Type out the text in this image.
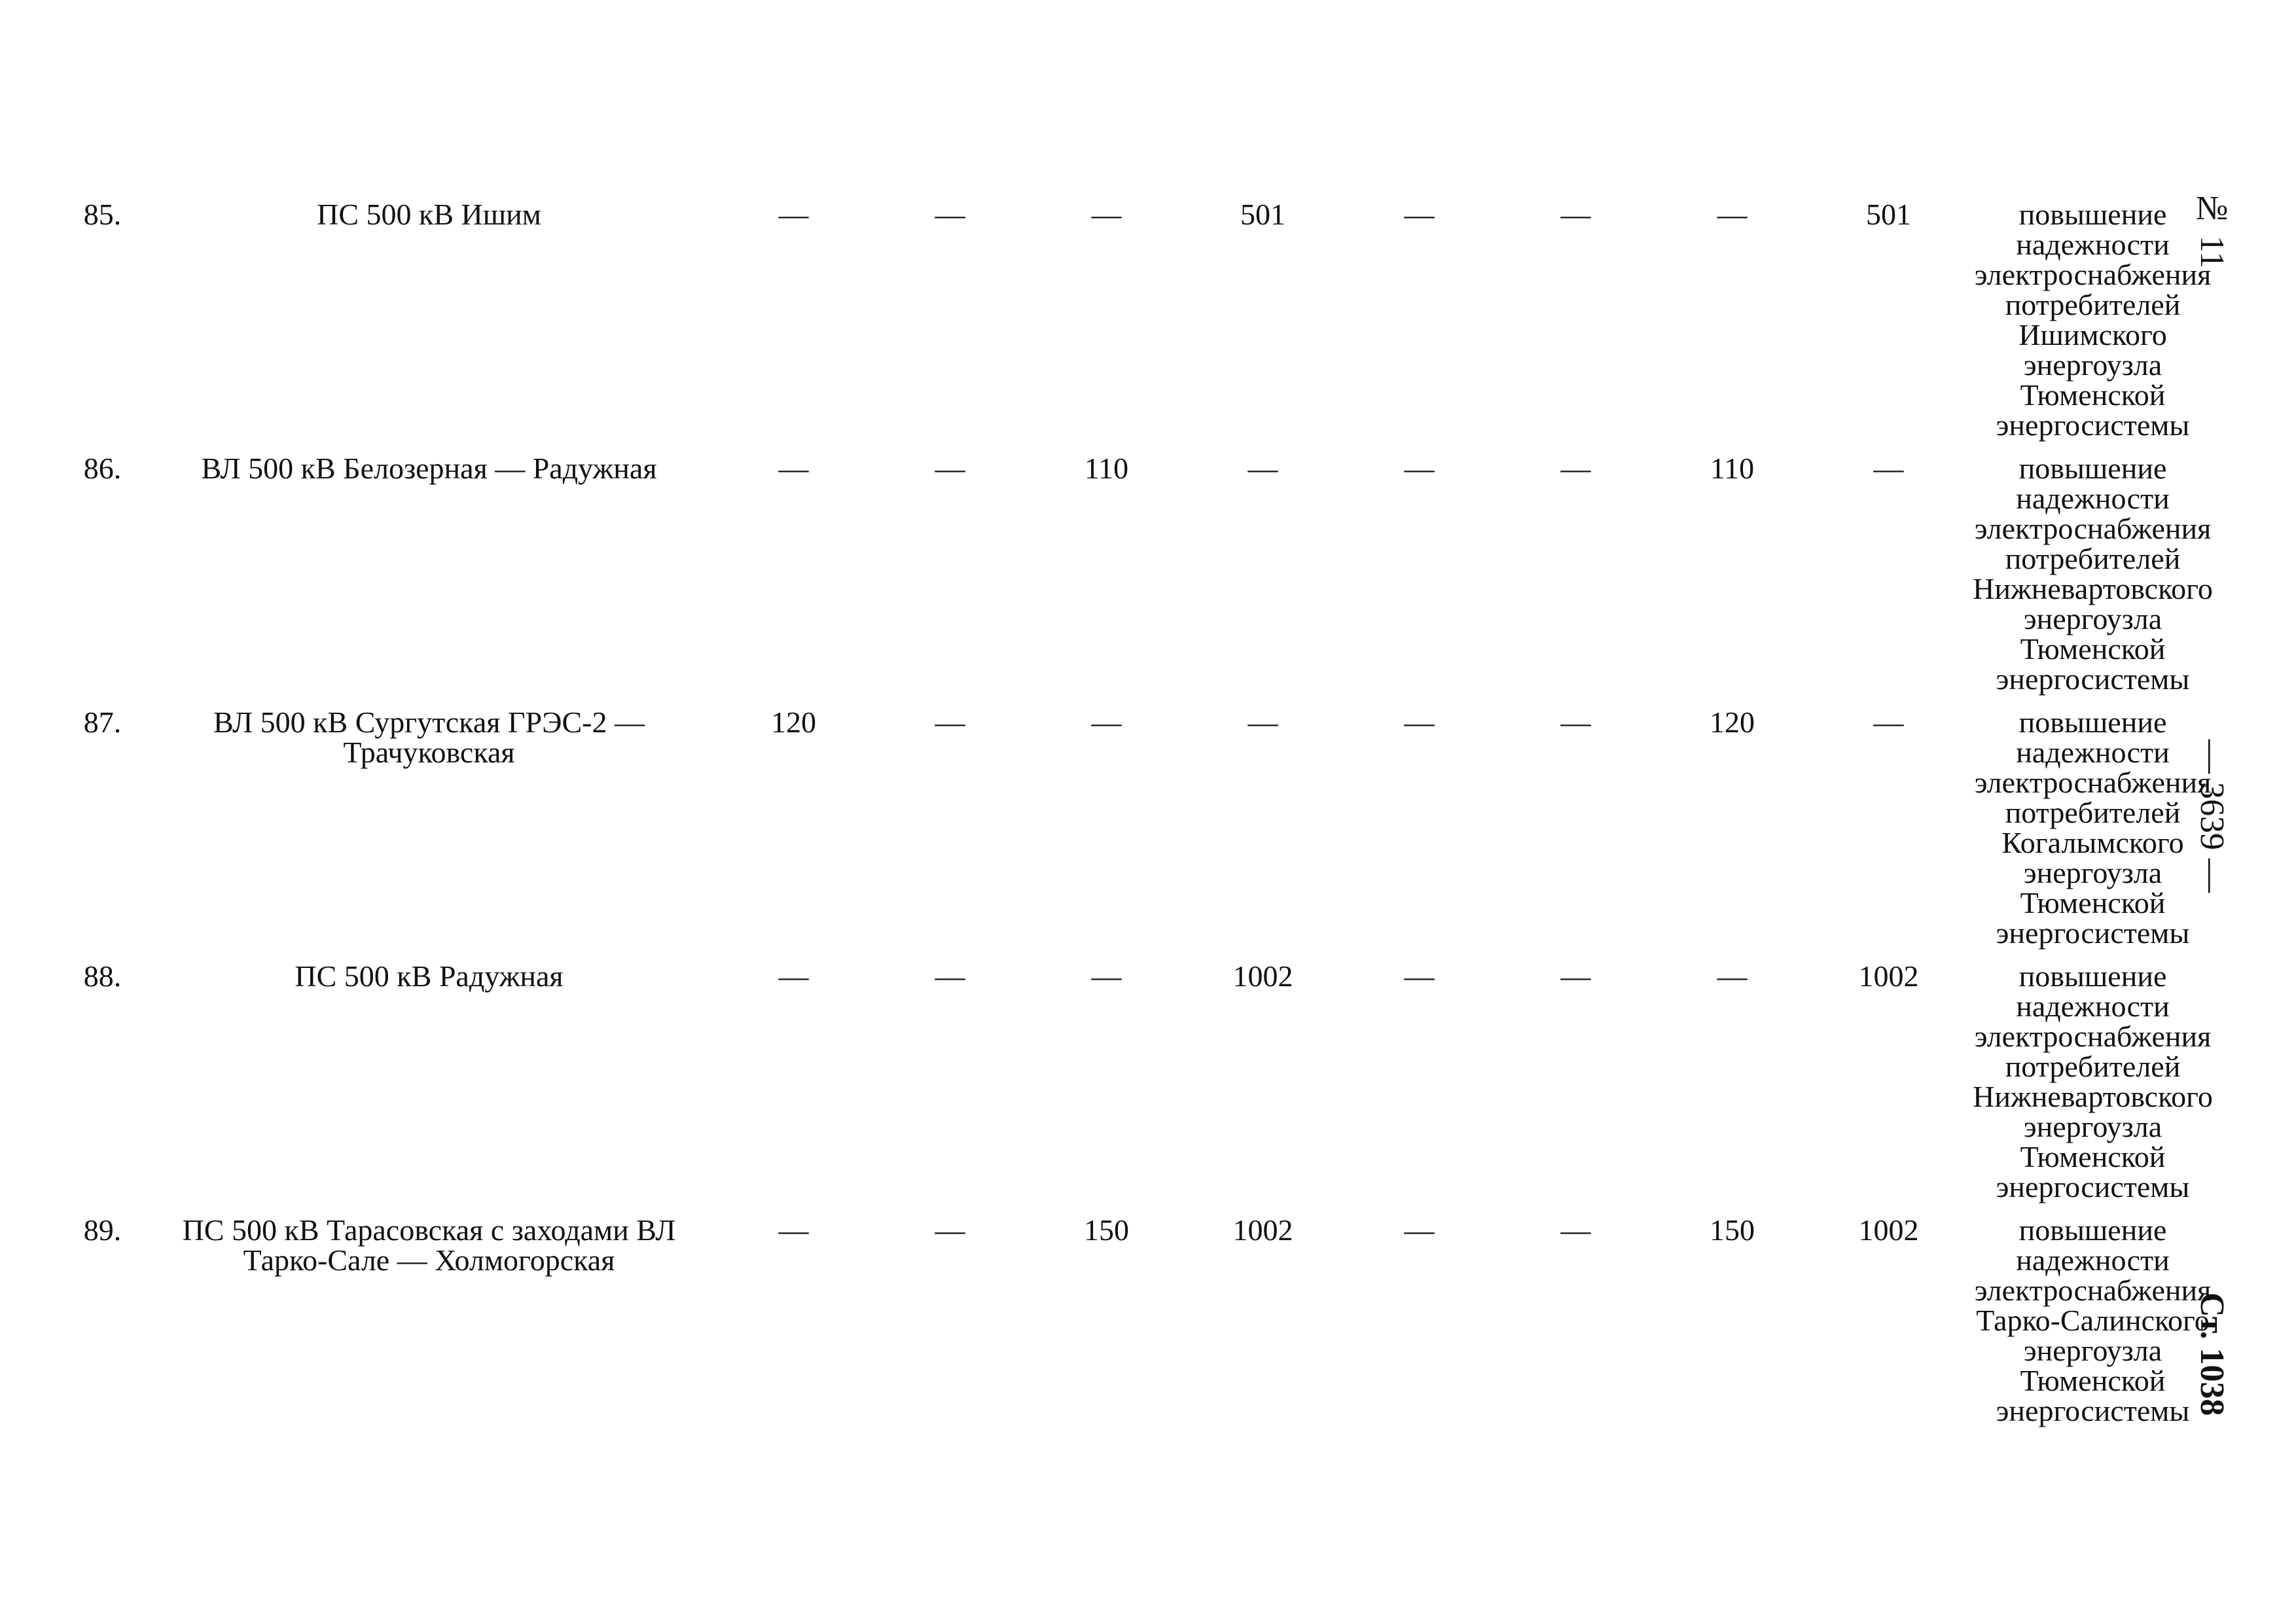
85.	ПС 500 кВ Ишим	—	—	—	501	—	—	—	501		повышение надежности электроснабжения потребителей Ишимского энергоузла Тюменской энергосистемы
86.	ВЛ 500 кВ Белозерная — Радужная	—	—	110	—	—	—	110	—		повышение надежности электроснабжения потребителей Нижневартовского энергоузла Тюменской энергосистемы
87.	ВЛ 500 кВ Сургутская ГРЭС-2 — Трачуковская	120	—	—	—	—	—	120	—		повышение надежности электроснабжения потребителей Когалымского энергоузла Тюменской энергосистемы
88.	ПС 500 кВ Радужная	—	—	—	1002	—	—	—	1002		повышение надежности электроснабжения потребителей Нижневартовского энергоузла Тюменской энергосистемы
89.	ПС 500 кВ Тарасовская с заходами ВЛ Тарко-Сале — Холмогорская	—	—	150	1002	—	—	150	1002		повышение надежности электроснабжения Тарко-Салинского энергоузла Тюменской энергосистемы
№ 11
— 3639 —
Ст. 1038
